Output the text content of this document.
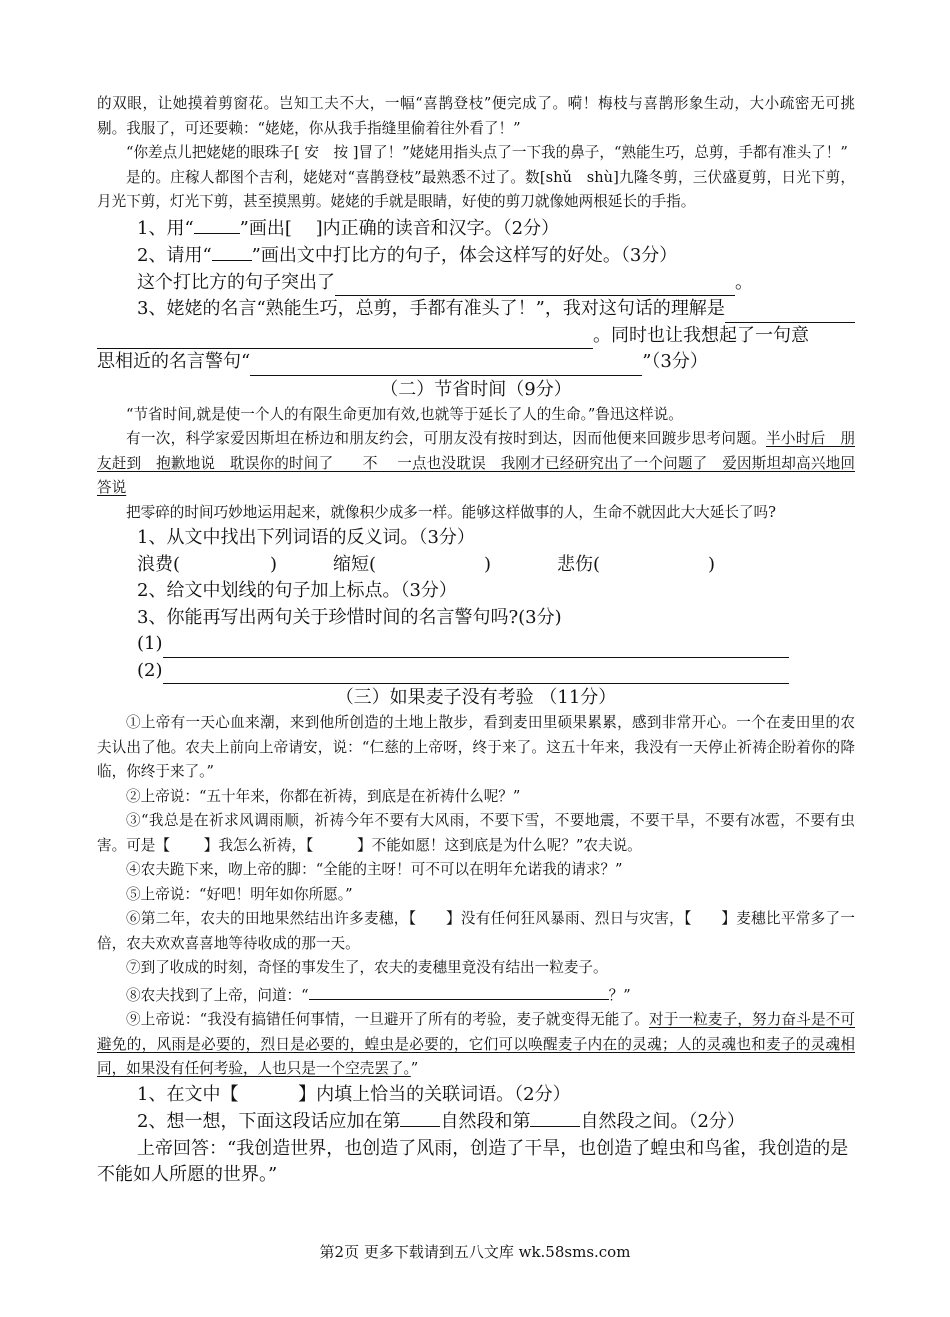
的双眼，让她摸着剪窗花。岂知工夫不大，一幅“喜鹊登枝”便完成了。嗬！梅枝与喜鹊形象生动，大小疏密无可挑剔。我服了，可还要赖：“姥姥，你从我手指缝里偷着往外看了！”

“你差点儿把姥姥的眼珠子[ 安　按 ]冒了！”姥姥用指头点了一下我的鼻子，“熟能生巧，总剪，手都有准头了！”

是的。庄稼人都图个吉利，姥姥对“喜鹊登枝”最熟悉不过了。数[shǔ　shù]九隆冬剪，三伏盛夏剪，日光下剪，月光下剪，灯光下剪，甚至摸黑剪。姥姥的手就是眼睛，好使的剪刀就像她两根延长的手指。

1、用“	”画出[　 ]内正确的读音和汉字。（2分）

2、请用“ ”画出文中打比方的句子，体会这样写的好处。（3分）

这个打比方的句子突出了	。
3、姥姥的名言“熟能生巧，总剪，手都有准头了！”，我对这句话的理解是
。同时也让我想起了一句意
思相近的名言警句“	”（3分）

（二）节省时间（9分）

“节省时间,就是使一个人的有限生命更加有效,也就等于延长了人的生命。”鲁迅这样说。

有一次，科学家爱因斯坦在桥边和朋友约会，可朋友没有按时到达，因而他便来回踱步思考问题。半小时后　朋友赶到　抱歉地说　耽误你的时间了　　不　 一点也没耽误　我刚才已经研究出了一个问题了　爱因斯坦却高兴地回答说

把零碎的时间巧妙地运用起来，就像积少成多一样。能够这样做事的人，生命不就因此大大延长了吗?

1、从文中找出下列词语的反义词。（3分）

浪费(　　　　　)	缩短(　　　　　　)	悲伤(　　　　　　)

2、给文中划线的句子加上标点。（3分）

3、你能再写出两句关于珍惜时间的名言警句吗?(3分)

(1)
(2)

（三）如果麦子没有考验 （11分）

①上帝有一天心血来潮，来到他所创造的土地上散步，看到麦田里硕果累累，感到非常开心。一个在麦田里的农夫认出了他。农夫上前向上帝请安，说：“仁慈的上帝呀，终于来了。这五十年来，我没有一天停止祈祷企盼着你的降临，你终于来了。”

②上帝说：“五十年来，你都在祈祷，到底是在祈祷什么呢？”

③“我总是在祈求风调雨顺，祈祷今年不要有大风雨，不要下雪，不要地震，不要干旱，不要有冰雹，不要有虫害。可是【　　 】我怎么祈祷，【　　　】不能如愿！这到底是为什么呢？”农夫说。

④农夫跪下来，吻上帝的脚：“全能的主呀！可不可以在明年允诺我的请求？”

⑤上帝说：“好吧！明年如你所愿。”

⑥第二年，农夫的田地果然结出许多麦穗，【　　】没有任何狂风暴雨、烈日与灾害，【　　】麦穗比平常多了一倍，农夫欢欢喜喜地等待收成的那一天。

⑦到了收成的时刻，奇怪的事发生了，农夫的麦穗里竟没有结出一粒麦子。

⑧农夫找到了上帝，问道：“	？”

⑨上帝说：“我没有搞错任何事情，一旦避开了所有的考验，麦子就变得无能了。对于一粒麦子，努力奋斗是不可避免的，风雨是必要的，烈日是必要的，蝗虫是必要的，它们可以唤醒麦子内在的灵魂；人的灵魂也和麦子的灵魂相同，如果没有任何考验，人也只是一个空壳罢了。”

1、在文中【　　　 】内填上恰当的关联词语。（2分）

2、想一想，下面这段话应加在第 自然段和第	自然段之间。（2分）

上帝回答：“我创造世界，也创造了风雨，创造了干旱，也创造了蝗虫和鸟雀，我创造的是不能如人所愿的世界。”

第2页 更多下载请到五八文库 wk.58sms.com
